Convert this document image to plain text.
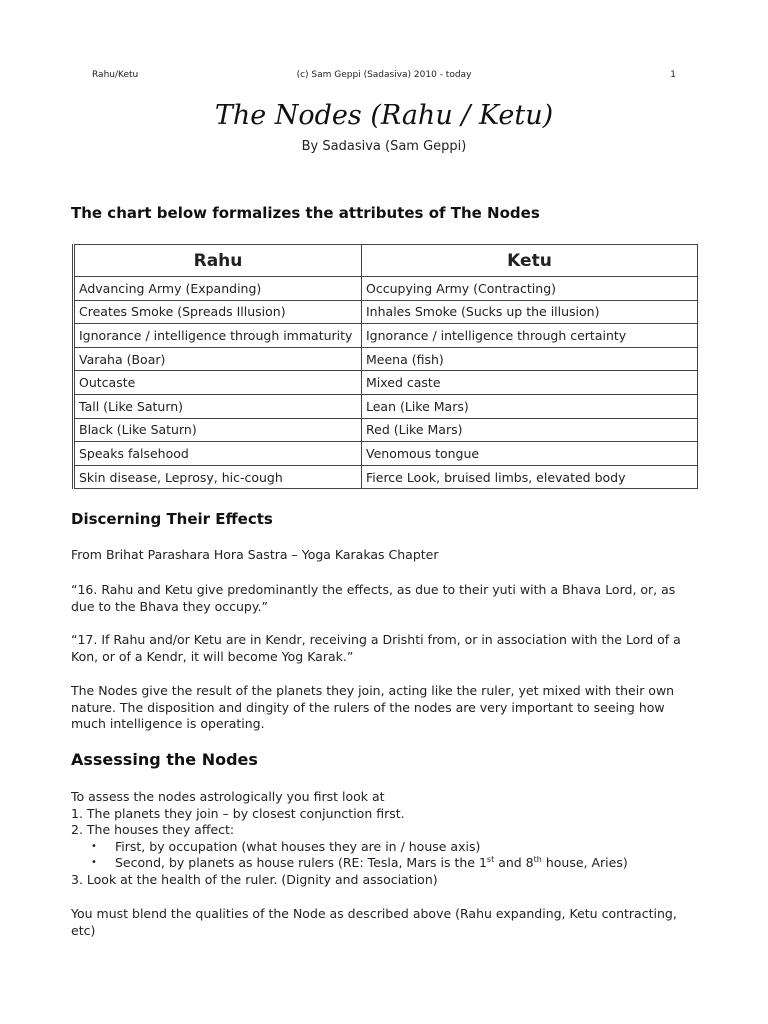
Rahu/Ketu	(c) Sam Geppi (Sadasiva) 2010 - today	1
The Nodes (Rahu / Ketu)
By Sadasiva (Sam Geppi)
The chart below formalizes the attributes of The Nodes
Rahu	Ketu
Advancing Army (Expanding)	Occupying Army (Contracting)
Creates Smoke (Spreads Illusion)	Inhales Smoke (Sucks up the illusion)
Ignorance / intelligence through immaturity	Ignorance / intelligence through certainty
Varaha (Boar)	Meena (fish)
Outcaste	Mixed caste
Tall (Like Saturn)	Lean (Like Mars)
Black (Like Saturn)	Red (Like Mars)
Speaks falsehood	Venomous tongue
Skin disease, Leprosy, hic-cough	Fierce Look, bruised limbs, elevated body
Discerning Their Effects
From Brihat Parashara Hora Sastra – Yoga Karakas Chapter
“16. Rahu and Ketu give predominantly the effects, as due to their yuti with a Bhava Lord, or, as due to the Bhava they occupy.”
“17. If Rahu and/or Ketu are in Kendr, receiving a Drishti from, or in association with the Lord of a Kon, or of a Kendr, it will become Yog Karak.”
The Nodes give the result of the planets they join, acting like the ruler, yet mixed with their own nature. The disposition and dingity of the rulers of the nodes are very important to seeing how much intelligence is operating.
Assessing the Nodes
To assess the nodes astrologically you first look at
1. The planets they join – by closest conjunction first.
2. The houses they affect:
• First, by occupation (what houses they are in / house axis)
• Second, by planets as house rulers (RE: Tesla, Mars is the 1st and 8th house, Aries)
3. Look at the health of the ruler. (Dignity and association)
You must blend the qualities of the Node as described above (Rahu expanding, Ketu contracting, etc)
